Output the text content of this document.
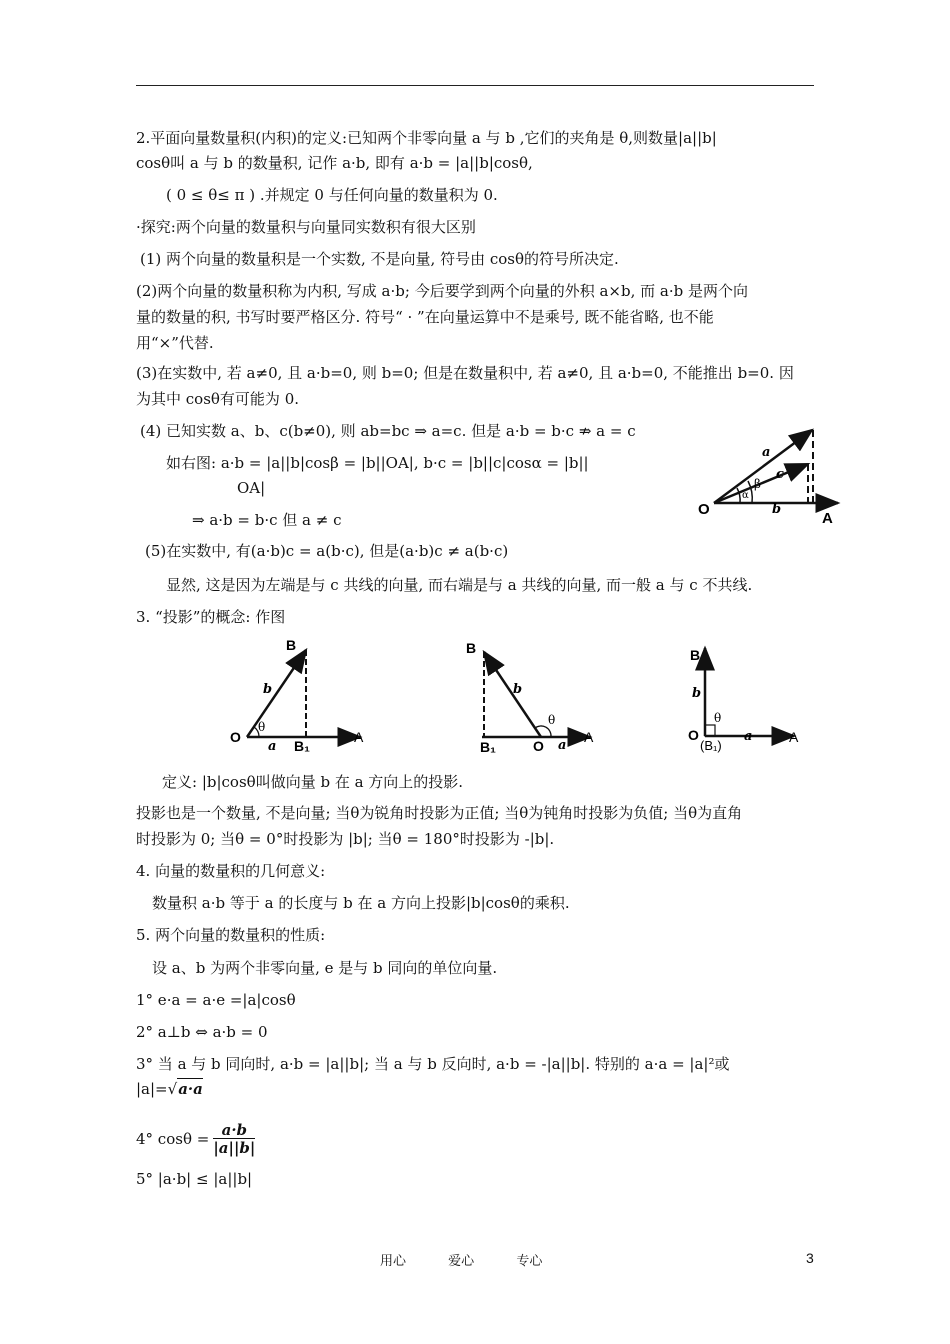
2.平面向量数量积(内积)的定义:已知两个非零向量 a 与 b ,它们的夹角是 θ,则数量|a||b|
cosθ叫 a 与 b 的数量积, 记作 a·b, 即有 a·b = |a||b|cosθ,
( 0 ≤ θ≤ π ) .并规定 0 与任何向量的数量积为 0.
·探究:两个向量的数量积与向量同实数积有很大区别
(1) 两个向量的数量积是一个实数, 不是向量, 符号由 cosθ的符号所决定.
(2)两个向量的数量积称为内积, 写成 a·b; 今后要学到两个向量的外积 a×b, 而 a·b 是两个向
量的数量的积, 书写时要严格区分. 符号“ · ”在向量运算中不是乘号, 既不能省略, 也不能
用“×”代替.
(3)在实数中, 若 a≠0, 且 a·b=0, 则 b=0; 但是在数量积中, 若 a≠0, 且 a·b=0, 不能推出 b=0. 因
为其中 cosθ有可能为 0.
(4) 已知实数 a、b、c(b≠0), 则 ab=bc ⇒ a=c. 但是 a·b = b·c ⇏ a = c
如右图: a·b = |a||b|cosβ = |b||OA|, b·c = |b||c|cosα = |b||
OA|
⇒ a·b = b·c 但 a ≠ c
(5)在实数中, 有(a·b)c = a(b·c), 但是(a·b)c ≠ a(b·c)
显然, 这是因为左端是与 c 共线的向量, 而右端是与 a 共线的向量, 而一般 a 与 c 不共线.
3. “投影”的概念: 作图
O
A
a
b
c
β
α
B
b
θ
O
a B₁
A
B
b
θ
B₁	O a
A
B
b
θ
O
(B₁)
a	A
定义: |b|cosθ叫做向量 b 在 a 方向上的投影.
投影也是一个数量, 不是向量; 当θ为锐角时投影为正值; 当θ为钝角时投影为负值; 当θ为直角
时投影为 0; 当θ = 0°时投影为 |b|; 当θ = 180°时投影为 -|b|.
4. 向量的数量积的几何意义:
数量积 a·b 等于 a 的长度与 b 在 a 方向上投影|b|cosθ的乘积.
5. 两个向量的数量积的性质:
设 a、b 为两个非零向量, e 是与 b 同向的单位向量.
1° e·a = a·e =|a|cosθ
2° a⊥b ⇔ a·b = 0
3° 当 a 与 b 同向时, a·b = |a||b|; 当 a 与 b 反向时, a·b = -|a||b|. 特别的 a·a = |a|²或
|a|=√a·a
4° $\cos\theta = \frac{a\cdot b}{|a||b|}$
5° |a·b| ≤ |a||b|
用心	爱心	专心	3
